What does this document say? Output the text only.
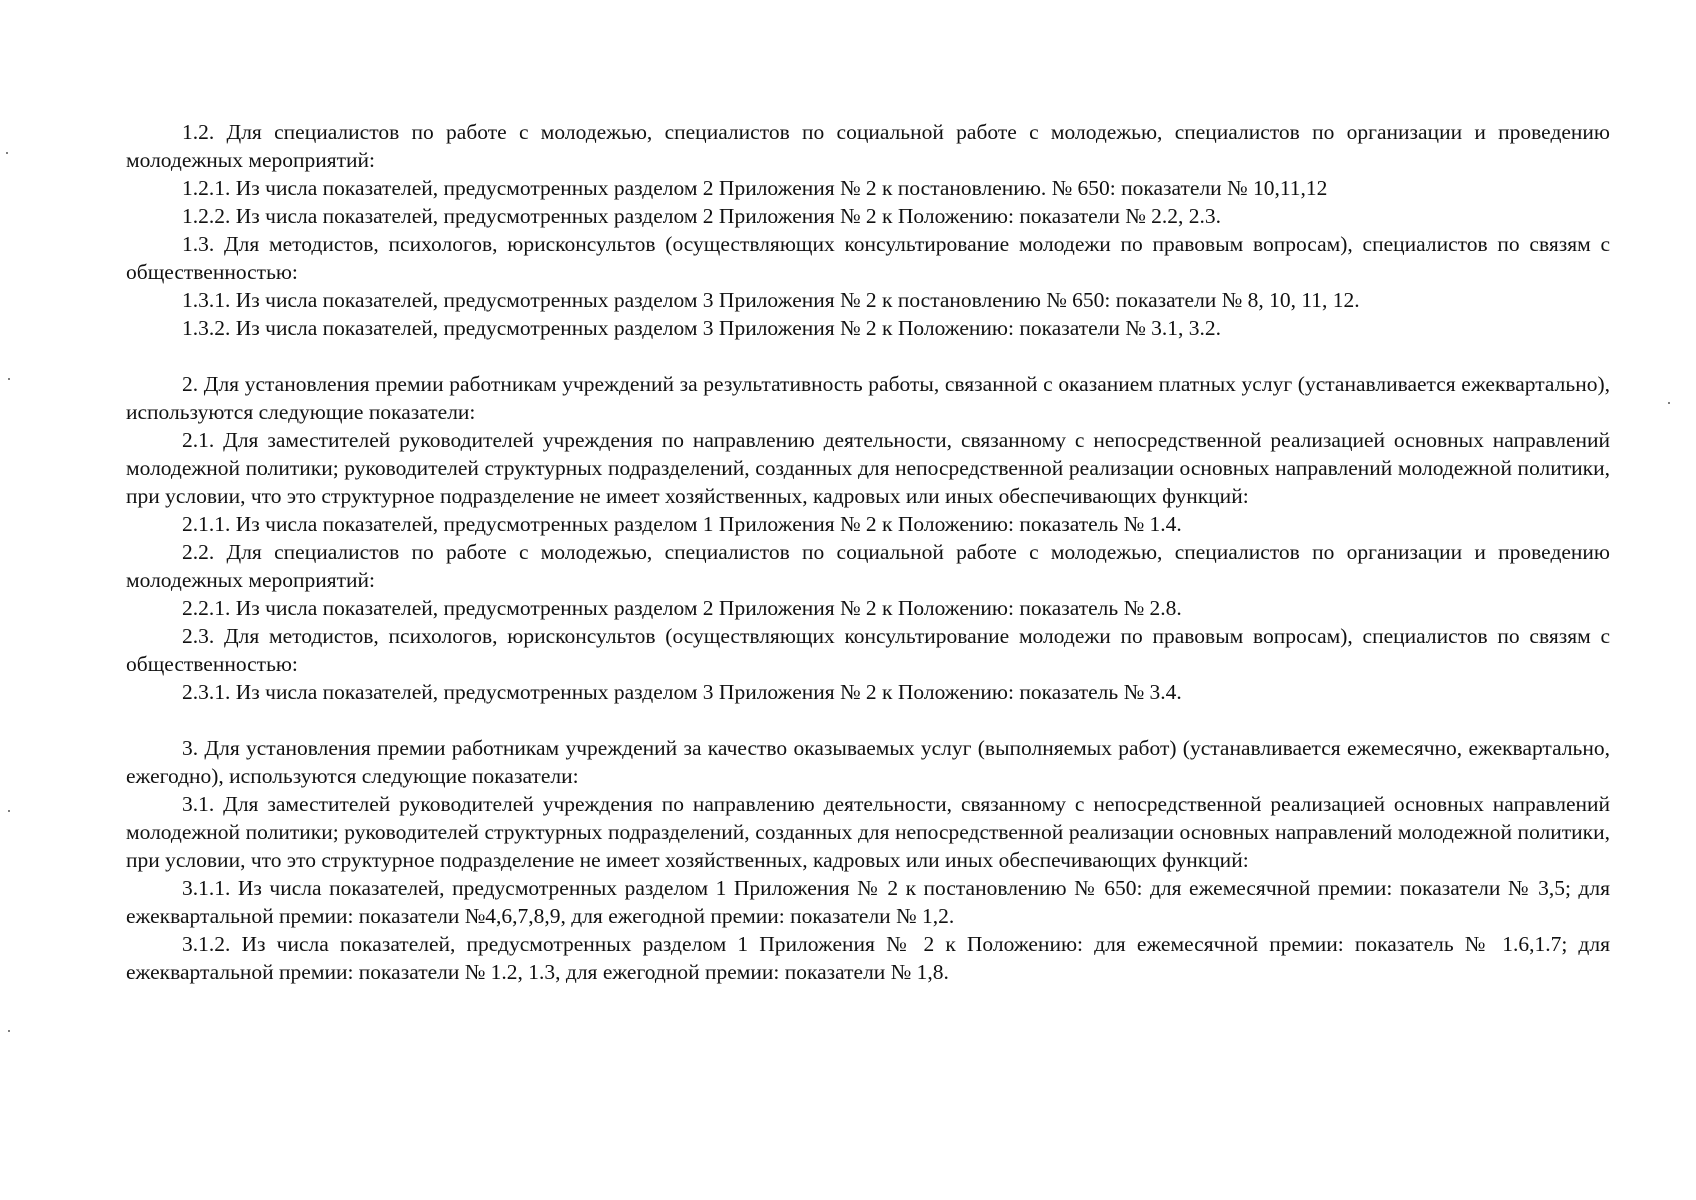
1.2. Для специалистов по работе с молодежью, специалистов по социальной работе с молодежью, специалистов по организации и проведению молодежных мероприятий:

1.2.1. Из числа показателей, предусмотренных разделом 2 Приложения № 2 к постановлению. № 650: показатели № 10,11,12

1.2.2. Из числа показателей, предусмотренных разделом 2 Приложения № 2 к Положению: показатели № 2.2, 2.3.

1.3. Для методистов, психологов, юрисконсультов (осуществляющих консультирование молодежи по правовым вопросам), специалистов по связям с общественностью:

1.3.1. Из числа показателей, предусмотренных разделом 3 Приложения № 2 к постановлению № 650: показатели № 8, 10, 11, 12.

1.3.2. Из числа показателей, предусмотренных разделом 3 Приложения № 2 к Положению: показатели № 3.1, 3.2.

2. Для установления премии работникам учреждений за результативность работы, связанной с оказанием платных услуг (устанавливается ежеквартально), используются следующие показатели:

2.1. Для заместителей руководителей учреждения по направлению деятельности, связанному с непосредственной реализацией основных направлений молодежной политики; руководителей структурных подразделений, созданных для непосредственной реализации основных направлений молодежной политики, при условии, что это структурное подразделение не имеет хозяйственных, кадровых или иных обеспечивающих функций:

2.1.1. Из числа показателей, предусмотренных разделом 1 Приложения № 2 к Положению: показатель № 1.4.

2.2. Для специалистов по работе с молодежью, специалистов по социальной работе с молодежью, специалистов по организации и проведению молодежных мероприятий:

2.2.1. Из числа показателей, предусмотренных разделом 2 Приложения № 2 к Положению: показатель № 2.8.

2.3. Для методистов, психологов, юрисконсультов (осуществляющих консультирование молодежи по правовым вопросам), специалистов по связям с общественностью:

2.3.1. Из числа показателей, предусмотренных разделом 3 Приложения № 2 к Положению: показатель № 3.4.

3. Для установления премии работникам учреждений за качество оказываемых услуг (выполняемых работ) (устанавливается ежемесячно, ежеквартально, ежегодно), используются следующие показатели:

3.1. Для заместителей руководителей учреждения по направлению деятельности, связанному с непосредственной реализацией основных направлений молодежной политики; руководителей структурных подразделений, созданных для непосредственной реализации основных направлений молодежной политики, при условии, что это структурное подразделение не имеет хозяйственных, кадровых или иных обеспечивающих функций:

3.1.1. Из числа показателей, предусмотренных разделом 1 Приложения № 2 к постановлению № 650: для ежемесячной премии: показатели № 3,5; для ежеквартальной премии: показатели №4,6,7,8,9, для ежегодной премии: показатели № 1,2.

3.1.2. Из числа показателей, предусмотренных разделом 1 Приложения № 2 к Положению: для ежемесячной премии: показатель № 1.6,1.7; для ежеквартальной премии: показатели № 1.2, 1.3, для ежегодной премии: показатели № 1,8.
